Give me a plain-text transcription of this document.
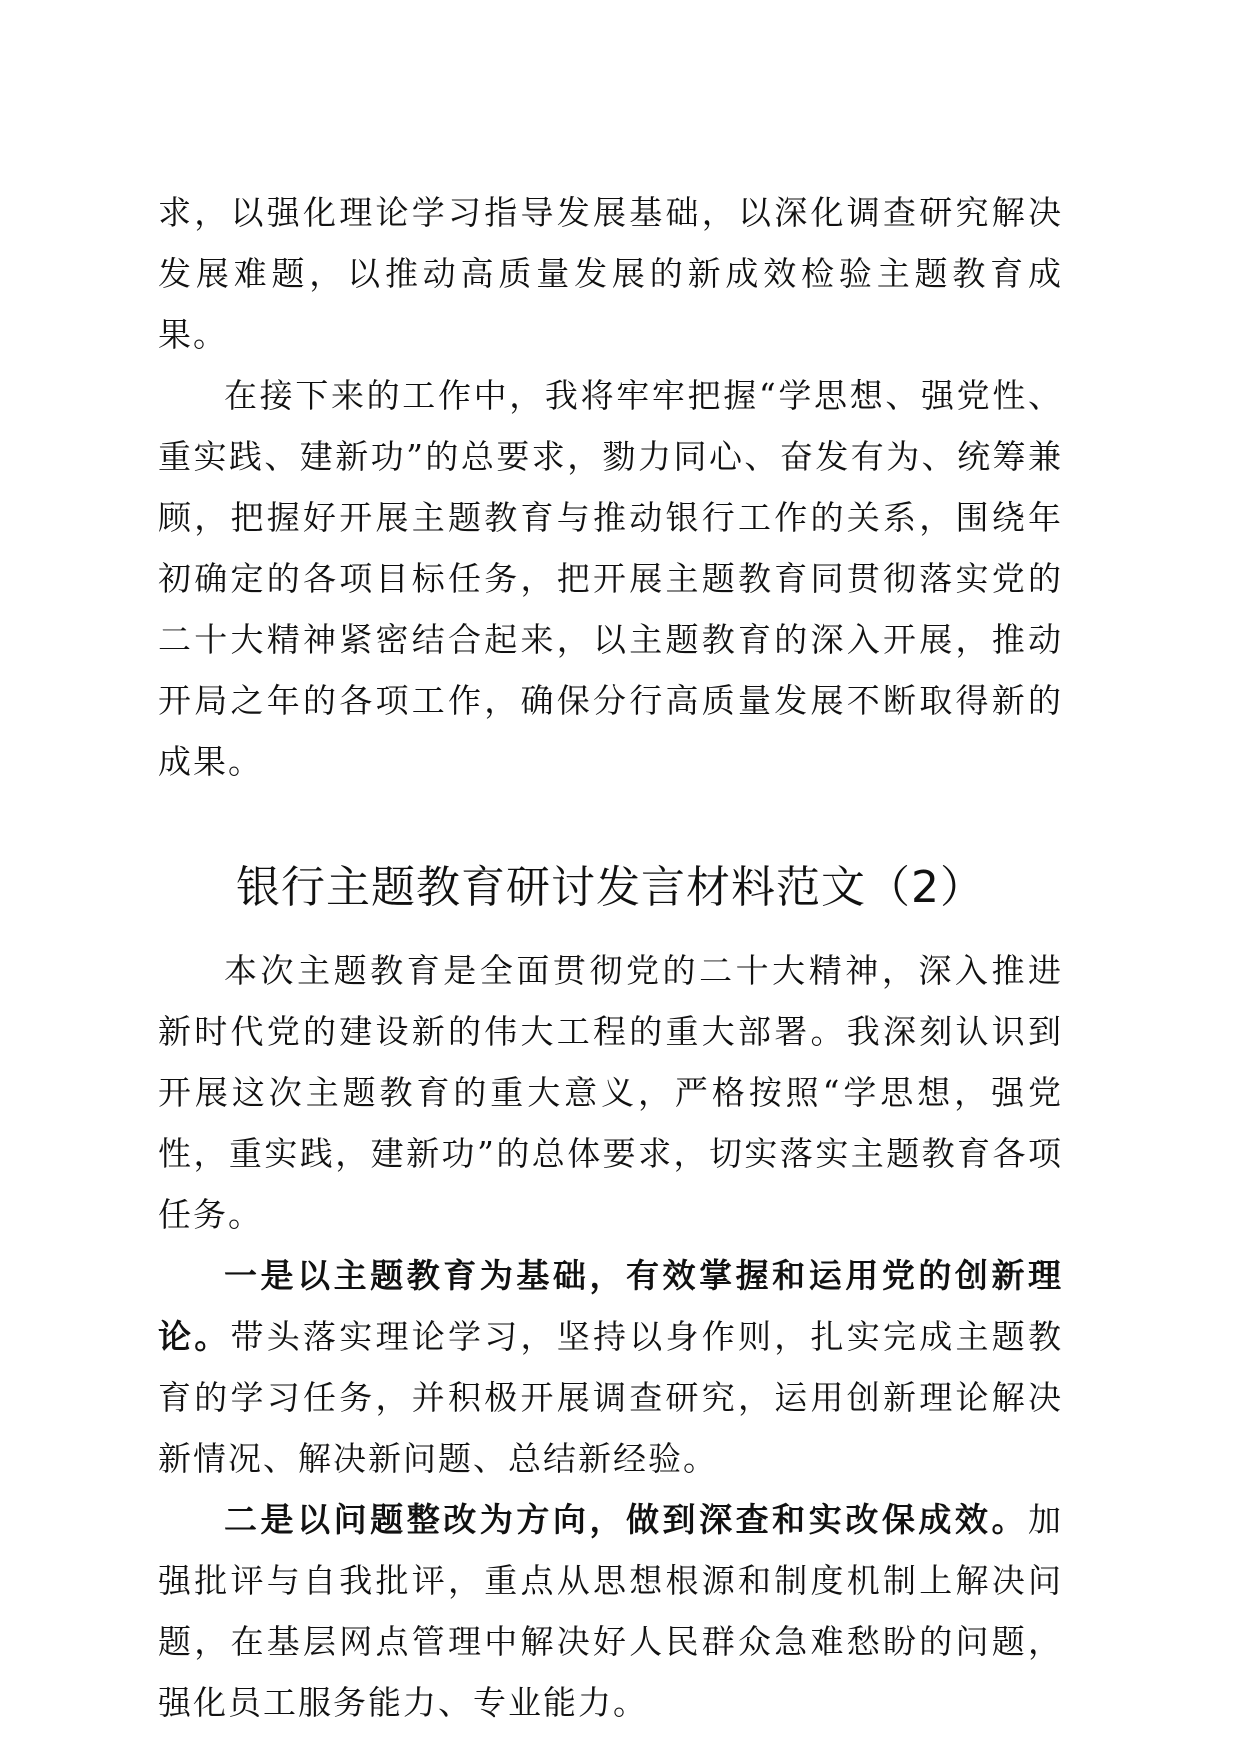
求，以强化理论学习指导发展基础，以深化调查研究解决发展难题，以推动高质量发展的新成效检验主题教育成果。

在接下来的工作中，我将牢牢把握“学思想、强党性、重实践、建新功”的总要求，勠力同心、奋发有为、统筹兼顾，把握好开展主题教育与推动银行工作的关系，围绕年初确定的各项目标任务，把开展主题教育同贯彻落实党的二十大精神紧密结合起来，以主题教育的深入开展，推动开局之年的各项工作，确保分行高质量发展不断取得新的成果。

银行主题教育研讨发言材料范文（2）

本次主题教育是全面贯彻党的二十大精神，深入推进新时代党的建设新的伟大工程的重大部署。我深刻认识到开展这次主题教育的重大意义，严格按照“学思想，强党性，重实践，建新功”的总体要求，切实落实主题教育各项任务。

一是以主题教育为基础，有效掌握和运用党的创新理论。带头落实理论学习，坚持以身作则，扎实完成主题教育的学习任务，并积极开展调查研究，运用创新理论解决新情况、解决新问题、总结新经验。

二是以问题整改为方向，做到深查和实改保成效。加强批评与自我批评，重点从思想根源和制度机制上解决问题，在基层网点管理中解决好人民群众急难愁盼的问题，强化员工服务能力、专业能力。
